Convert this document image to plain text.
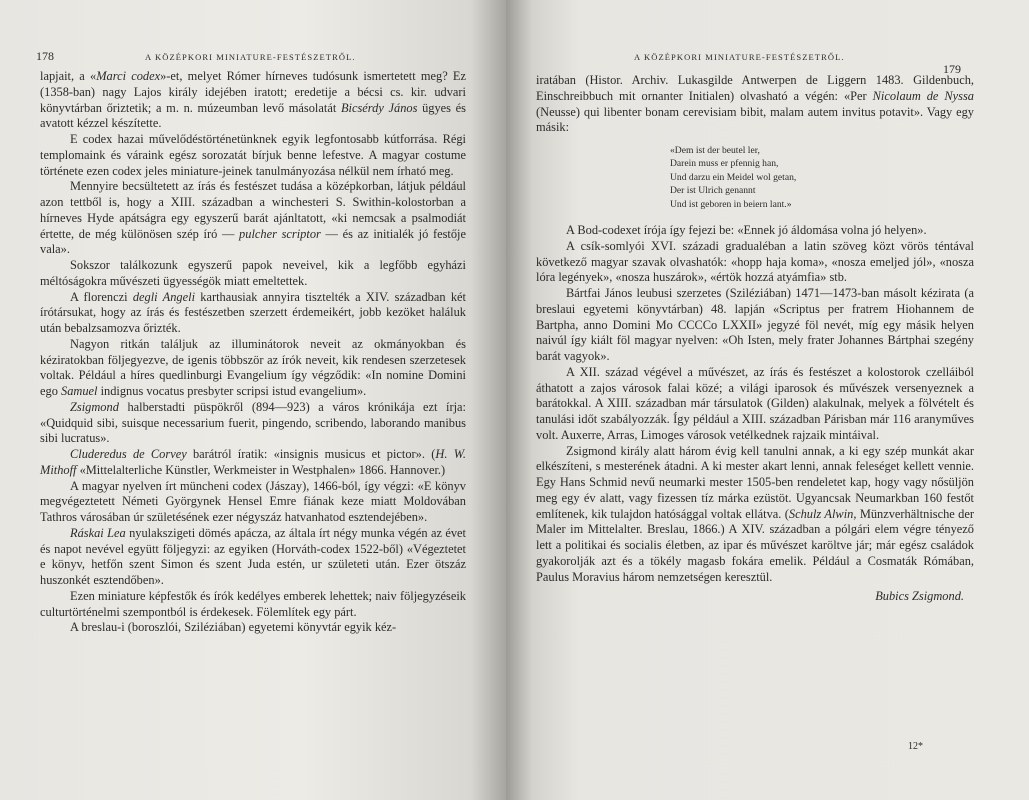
178	A KÖZÉPKORI MINIATURE-FESTÉSZETRŐL.

lapjait, a «Marci codex»-et, melyet Rómer hírneves tudósunk ismertetett meg? Ez (1358-ban) nagy Lajos király idejében iratott; eredetije a bécsi cs. kir. udvari könyvtárban őriztetik; a m. n. múzeumban levő másolatát Bicsérdy János ügyes és avatott kézzel készítette.

E codex hazai művelődéstörténetünknek egyik legfontosabb kútforrása. Régi templomaink és váraink egész sorozatát bírjuk benne lefestve. A magyar costume története ezen codex jeles miniature-jeinek tanulmányozása nélkül nem írható meg.

Mennyire becsültetett az írás és festészet tudása a középkorban, látjuk például azon tettből is, hogy a XIII. században a winchesteri S. Swithin-kolostorban a hírneves Hyde apátságra egy egyszerű barát ajánltatott, «ki nemcsak a psalmodiát értette, de még különösen szép író — pulcher scriptor — és az initialék jó festője vala».

Sokszor találkozunk egyszerű papok neveivel, kik a legfőbb egyházi méltóságokra művészeti ügyességök miatt emeltettek.

A florenczi degli Angeli karthausiak annyira tisztelték a XIV. században két írótársukat, hogy az írás és festészetben szerzett érdemeikért, jobb kezöket haláluk után bebalzsamozva őrizték.

Nagyon ritkán találjuk az illuminátorok neveit az okmányokban és kéziratokban följegyezve, de igenis többször az írók neveit, kik rendesen szerzetesek voltak. Például a híres quedlinburgi Evangelium így végződik: «In nomine Domini ego Samuel indignus vocatus presbyter scripsi istud evangelium».

Zsigmond halberstadti püspökről (894—923) a város krónikája ezt írja: «Quidquid sibi, suisque necessarium fuerit, pingendo, scribendo, laborando manibus sibi lucratus».

Cluderedus de Corvey barátról íratik: «insignis musicus et pictor». (H. W. Mithoff «Mittelalterliche Künstler, Werkmeister in Westphalen» 1866. Hannover.)

A magyar nyelven írt müncheni codex (Jászay), 1466-ból, így végzi: «E könyv megvégeztetett Németi Györgynek Hensel Emre fiának keze miatt Moldovában Tathros városában úr születésének ezer négyszáz hatvanhatod esztendejében».

Ráskai Lea nyulakszigeti dömés apácza, az általa írt négy munka végén az évet és napot nevével együtt följegyzi: az egyiken (Horváth-codex 1522-ből) «Végeztetet e könyv, hetfőn szent Simon és szent Juda estén, ur születeti után. Ezer ötszáz huszonkét esztendőben».

Ezen miniature képfestők és írók kedélyes emberek lehettek; naiv följegyzéseik culturtörténelmi szempontból is érdekesek. Fölemlítek egy párt.

A breslau-i (boroszlói, Sziléziában) egyetemi könyvtár egyik kéz-

A KÖZÉPKORI MINIATURE-FESTÉSZETRŐL.
179

iratában (Histor. Archiv. Lukasgilde Antwerpen de Liggern 1483. Gildenbuch, Einschreibbuch mit ornanter Initialen) olvasható a végén: «Per Nicolaum de Nyssa (Neusse) qui libenter bonam cerevisiam bibit, malam autem invitus potavit». Vagy egy másik:

«Dem ist der beutel ler,
Darein muss er pfennig han,
Und darzu ein Meidel wol getan,
Der ist Ulrich genannt
Und ist geboren in beiern lant.»

A Bod-codexet írója így fejezi be: «Ennek jó áldomása volna jó helyen».

A csík-somlyói XVI. századi gradualéban a latin szöveg közt vörös téntával következő magyar szavak olvashatók: «hopp haja koma», «nosza emeljed jól», «nosza lóra legények», «nosza huszárok», «értök hozzá atyámfia» stb.

Bártfai János leubusi szerzetes (Sziléziában) 1471—1473-ban másolt kézirata (a breslaui egyetemi könyvtárban) 48. lapján «Scriptus per fratrem Hiohannem de Bartpha, anno Domini Mo CCCCo LXXII» jegyzé föl nevét, míg egy másik helyen naivúl így kiált föl magyar nyelven: «Oh Isten, mely frater Johannes Bártphai szegény barát vagyok».

A XII. század végével a művészet, az írás és festészet a kolostorok czelláiból áthatott a zajos városok falai közé; a világi iparosok és művészek versenyeznek a barátokkal. A XIII. században már társulatok (Gilden) alakulnak, melyek a fölvételt és tanulási időt szabályozzák. Így például a XIII. században Párisban már 116 aranyműves volt. Auxerre, Arras, Limoges városok vetélkednek rajzaik mintáival.

Zsigmond király alatt három évig kell tanulni annak, a ki egy szép munkát akar elkészíteni, s mesterének átadni. A ki mester akart lenni, annak feleséget kellett vennie. Egy Hans Schmid nevű neumarki mester 1505-ben rendeletet kap, hogy vagy nősüljön meg egy év alatt, vagy fizessen tíz márka ezüstöt. Ugyancsak Neumarkban 160 festőt említenek, kik tulajdon hatósággal voltak ellátva. (Schulz Alwin, Münzverhältnische der Maler im Mittelalter. Breslau, 1866.) A XIV. században a pólgári elem végre tényező lett a politikai és socialis életben, az ipar és művészet karöltve jár; már egész családok gyakorolják azt és a tökély magasb fokára emelik. Például a Cosmaták Rómában, Paulus Moravius három nemzetségen keresztül.

Bubics Zsigmond.
12*
